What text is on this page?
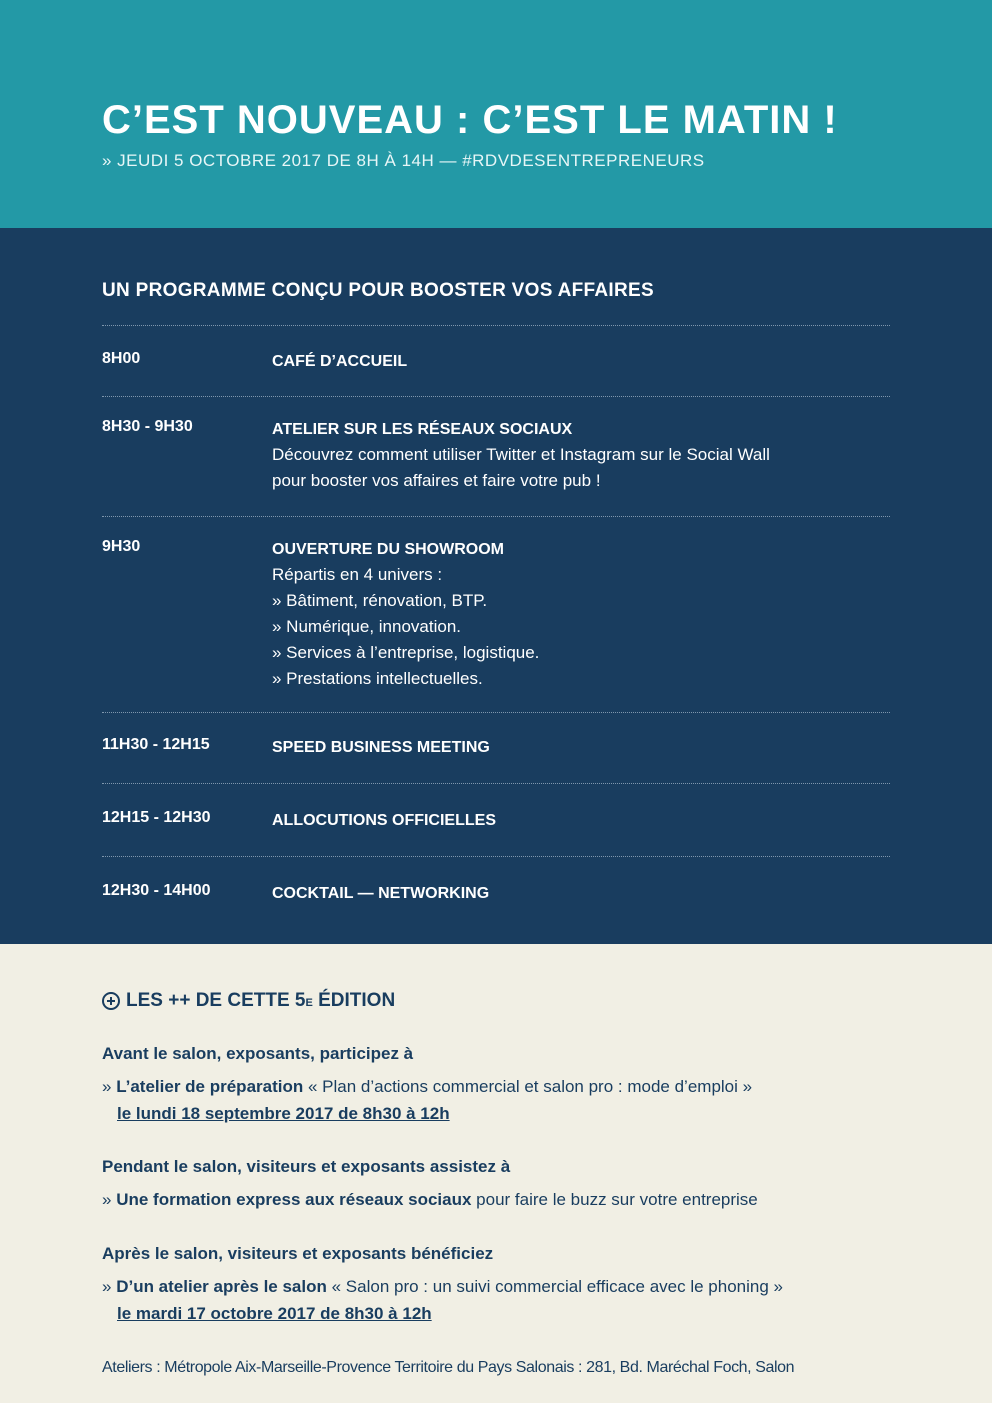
C’EST NOUVEAU : C’EST LE MATIN !
» JEUDI 5 OCTOBRE 2017 DE 8H À 14H — #RDVDESENTREPRENEURS
UN PROGRAMME CONÇU POUR BOOSTER VOS AFFAIRES
8H00	CAFÉ D’ACCUEIL
8H30 - 9H30	ATELIER SUR LES RÉSEAUX SOCIAUX
Découvrez comment utiliser Twitter et Instagram sur le Social Wall
pour booster vos affaires et faire votre pub !
9H30	OUVERTURE DU SHOWROOM
Répartis en 4 univers :
» Bâtiment, rénovation, BTP.
» Numérique, innovation.
» Services à l’entreprise, logistique.
» Prestations intellectuelles.
11H30 - 12H15	SPEED BUSINESS MEETING
12H15 - 12H30	ALLOCUTIONS OFFICIELLES
12H30 - 14H00	COCKTAIL — NETWORKING
LES ++ DE CETTE 5 E ÉDITION
Avant le salon, exposants, participez à
» L’atelier de préparation « Plan d’actions commercial et salon pro : mode d’emploi »
le lundi 18 septembre 2017 de 8h30 à 12h
Pendant le salon, visiteurs et exposants assistez à
» Une formation express aux réseaux sociaux pour faire le buzz sur votre entreprise
Après le salon, visiteurs et exposants bénéficiez
» D’un atelier après le salon « Salon pro : un suivi commercial efficace avec le phoning »
le mardi 17 octobre 2017 de 8h30 à 12h
Ateliers : Métropole Aix-Marseille-Provence Territoire du Pays Salonais : 281, Bd. Maréchal Foch, Salon
